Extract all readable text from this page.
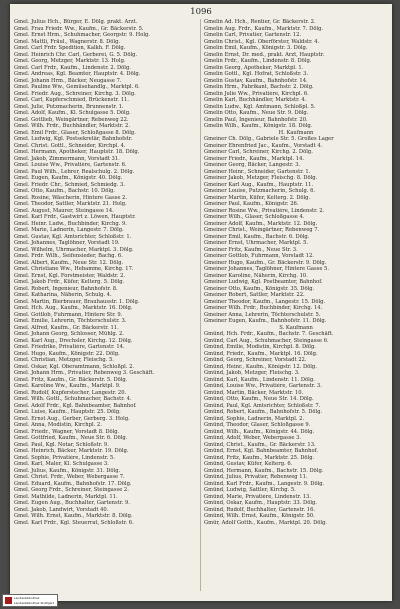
1096
Gmel. Julius Hch., Bürger, E. Dölg. prakt. Arzt.
Gmel. Frau Friedr. Ww., Kaufm., Gr. Bäckerstr. 5.
Gmel. Ernst Hrm., Schuhmacher, Georgstr. 9. Holg.
Gmel. Mattli, Fräul., Wagnerstr. 8. Dölg.
Gmel. Carl Frdr. Spedition, Kalkh. F. Dölg.
Gmel. Heinrich Chr. Carl, Gerberei, G. 5. Dölg.
Gmel. Georg, Metzger, Marktstr. 13. Holg.
Gmel. Carl Frdr., Kaufm., Lindenstr. 2. Dölg.
Gmel. Andreas, Kgl. Beamter, Hauptstr. 4. Dölg.
Gmel. Johann Hrm., Bäcker, Neugasse 7.
Gmel. Pauline Ww., Gemüsehandlg., Marktpl. 6.
Gmel. Friedr. Aug., Schreiner, Kirchg. 3. Dölg.
Gmel. Carl, Kupferschmied, Brückenstr. 11.
Gmel. Julie, Putzmacherin, Brunnenstr. 1.
Gmel. Adolf, Kaufm., Kl. Schulgasse 5. Dölg.
Gmel. Gottlieb, Weingärtner, Rebenweg 22.
Gmel. Wilh. Frdr., Buchhändler, Marktstr. 2.
Gmel. Emil Frdr., Glaser, Schloßgasse 8. Dölg.
Gmel. Ludwig, Kgl. Postsekretär, Bahnhofstr.
Gmel. Christ. Gottl., Schneider, Kirchpl. 4.
Gmel. Hermann, Apotheker, Hauptstr. 18. Dölg.
Gmel. Jakob, Zimmermann, Vorstadt 31.
Gmel. Louise Ww., Privatière, Gartenstr. 6.
Gmel. Paul Wilh., Lehrer, Realschulg. 2. Dölg.
Gmel. Eugen, Kaufm., Königstr. 40. Dölg.
Gmel. Friedr. Chr., Schmied, Schmiedg. 3.
Gmel. Otto, Kaufm., Bachstr. 10. Dölg.
Gmel. Rosine, Wäscherin, Hintere Gasse 2.
Gmel. Theodor, Sattler, Marktstr. 21. Holg.
Gmel. August, Maurer, Steingasse 14.
Gmel. Karl Frdr., Gastwirt z. Löwen, Hauptstr.
Gmel. Heinr. Ludw., Buchbinder, Kirchg. 9.
Gmel. Marie, Ladnerin, Langestr. 7. Dölg.
Gmel. Gustav, Kgl. Amtsrichter, Schloßstr. 1.
Gmel. Johannes, Taglöhner, Vorstadt 19.
Gmel. Wilhelm, Uhrmacher, Marktpl. 3. Dölg.
Gmel. Frdr. Wilh., Seifensieder, Bachg. 6.
Gmel. Albert, Kaufm., Neue Str. 12. Dölg.
Gmel. Christiane Ww., Hebamme, Kirchg. 17.
Gmel. Ernst, Kgl. Forstmeister, Waldstr. 2.
Gmel. Jakob Frdr., Küfer, Kelterg. 5. Dölg.
Gmel. Robert, Ingenieur, Bahnhofstr. 8.
Gmel. Katharina, Näherin, Schulg. 4.
Gmel. Martin, Bierbrauer, Brauhausstr. 1. Dölg.
Gmel. Hch. Aug., Kaufm., Marktstr. 16. Dölg.
Gmel. Gottlob, Fuhrmann, Hintere Str. 9.
Gmel. Emilie, Lehrerin, Töchterschulstr. 3.
Gmel. Alfred, Kaufm., Gr. Bäckerstr. 11.
Gmel. Johann Georg, Schlosser, Mühlg. 2.
Gmel. Karl Aug., Drechsler, Kirchg. 12. Dölg.
Gmel. Friedrike, Privatière, Gartenstr. 14.
Gmel. Hugo, Kaufm., Königstr. 22. Dölg.
Gmel. Christian, Metzger, Fleischg. 5.
Gmel. Oskar, Kgl. Oberamtmann, Schloßpl. 2.
Gmel. Johann Hrm., Privatier, Rebenweg 3. Geschäft.
Gmel. Fritz, Kaufm., Gr. Bäckerstr. 5. Dölg.
Gmel. Karoline Ww., Kaufm., Marktpl. 9.
Gmel. Rudolf, Kupferstecher, Langestr. 20.
Gmel. Wilh. Gottl., Schuhmacher, Bachstr. 4.
Gmel. Adolf Frdr., Kgl. Bahnbeamter, Bahnhof.
Gmel. Luise, Kaufm., Hauptstr. 25. Dölg.
Gmel. Ernst Aug., Gerber, Gerberg. 3. Holg.
Gmel. Anna, Modistin, Kirchpl. 2.
Gmel. Friedr., Wagner, Vorstadt 8. Dölg.
Gmel. Gottfried, Kaufm., Neue Str. 6. Dölg.
Gmel. Paul, Kgl. Notar, Schloßstr. 9.
Gmel. Heinrich, Bäcker, Marktstr. 19. Dölg.
Gmel. Sophie, Privatière, Lindenstr. 5.
Gmel. Karl, Maler, Kl. Schulgasse 3.
Gmel. Julius, Kaufm., Königstr. 31. Dölg.
Gmel. Christ. Frdr., Weber, Webergasse 7.
Gmel. Eduard, Kaufm., Bahnhofstr. 17. Dölg.
Gmel. Georg Frdr., Schreiner, Steingasse 2.
Gmel. Mathilde, Ladnerin, Marktpl. 11.
Gmel. Eugen Aug., Buchhalter, Gartenstr. 9.
Gmel. Jakob, Landwirt, Vorstadt 40.
Gmel. Wilh. Ernst, Kaufm., Marktstr. 8. Dölg.
Gmel. Karl Frdr., Kgl. Steuerrat, Schloßstr. 6.
Gmelin Ad. Hch., Rentier, Gr. Bäckerstr. 2.
Gmelin Aug. Frdr., Kaufm., Marktstr. 7. Dölg.
Gmelin Carl, Privatier, Gartenstr. 12.
Gmelin Christ., Kgl. Oberförster, Waldstr. 4.
Gmelin Emil, Kaufm., Königstr. 3. Dölg.
Gmelin Ernst, Dr. med., prakt. Arzt, Hauptstr.
Gmelin Frdr., Kaufm., Lindenstr. 8. Dölg.
Gmelin Georg, Apotheker, Marktpl. 1.
Gmelin Gottl., Kgl. Hofrat, Schloßstr. 3.
Gmelin Gustav, Kaufm., Bahnhofstr. 14.
Gmelin Hrm., Fabrikant, Bachstr. 2. Dölg.
Gmelin Julie Ww., Privatière, Kirchpl. 6.
Gmelin Karl, Buchhändler, Marktstr. 4.
Gmelin Ludw., Kgl. Amtmann, Schloßpl. 5.
Gmelin Otto, Kaufm., Neue Str. 9. Dölg.
Gmelin Paul, Ingenieur, Bahnhofstr. 20.
Gmelin Wilh., Kaufm., Königstr. 18. Dölg.
H. Kaufmann
Gmeiner Ch. Dölg., Gabriele Str. 5. Großes Lager
Gmeiner Ehrenfried Jac., Kaufm., Vorstadt 4.
Gmeiner Carl, Schreiner, Kirchg. 2. Dölg.
Gmeiner Friedr., Kaufm., Marktpl. 14.
Gmeiner Georg, Bäcker, Langestr. 3.
Gmeiner Heinr., Schneider, Gartenstr. 1.
Gmeiner Jakob, Metzger, Fleischg. 8. Dölg.
Gmeiner Karl Aug., Kaufm., Hauptstr. 11.
Gmeiner Louise, Putzmacherin, Schulg. 6.
Gmeiner Martin, Küfer, Kelterg. 2. Dölg.
Gmeiner Paul, Kaufm., Königstr. 26.
Gmeiner Rosine Ww., Privatière, Lindenstr. 2.
Gmeiner Wilh., Glaser, Schloßgasse 4.
Gmeiner Adolf, Kaufm., Marktstr. 12. Dölg.
Gmeiner Christ., Weingärtner, Rebenweg 7.
Gmeiner Emil, Kaufm., Bachstr. 6. Dölg.
Gmeiner Ernst, Uhrmacher, Marktpl. 5.
Gmeiner Fritz, Kaufm., Neue Str. 3.
Gmeiner Gottlob, Fuhrmann, Vorstadt 12.
Gmeiner Hugo, Kaufm., Gr. Bäckerstr. 9. Dölg.
Gmeiner Johannes, Taglöhner, Hintere Gasse 5.
Gmeiner Karoline, Näherin, Kirchg. 10.
Gmeiner Ludwig, Kgl. Postbeamter, Bahnhof.
Gmeiner Otto, Kaufm., Königstr. 35. Dölg.
Gmeiner Robert, Sattler, Marktstr. 22.
Gmeiner Theodor, Kaufm., Langestr. 15. Dölg.
Gmeiner Wilh. Frdr., Buchbinder, Kirchg. 14.
Gmeiner Anna, Lehrerin, Töchterschulstr. 5.
Gmeiner Eugen, Kaufm., Bahnhofstr. 11. Dölg.
S. Kaufmann
Gmünd, Hch. Frdr., Kaufm., Bachstr. 7. Geschäft.
Gmünd, Carl Aug., Schuhmacher, Steingasse 6.
Gmünd, Emilie, Modistin, Kirchpl. 8. Dölg.
Gmünd, Friedr., Kaufm., Marktpl. 16. Dölg.
Gmünd, Georg, Schreiner, Vorstadt 22.
Gmünd, Heinr., Kaufm., Königstr. 12. Dölg.
Gmünd, Jakob, Metzger, Fleischg. 3.
Gmünd, Karl, Kaufm., Lindenstr. 11. Dölg.
Gmünd, Louise Ww., Privatière, Gartenstr. 3.
Gmünd, Martin, Bäcker, Marktstr. 10.
Gmünd, Otto, Kaufm., Neue Str. 14. Dölg.
Gmünd, Paul, Kgl. Amtsrichter, Schloßstr. 7.
Gmünd, Robert, Kaufm., Bahnhofstr. 5. Dölg.
Gmünd, Sophie, Ladnerin, Marktpl. 2.
Gmünd, Theodor, Glaser, Schloßgasse 9.
Gmünd, Wilh., Kaufm., Königstr. 44. Dölg.
Gmünd, Adolf, Weber, Webergasse 3.
Gmünd, Christ., Kaufm., Gr. Bäckerstr. 13.
Gmünd, Ernst, Kgl. Bahnbeamter, Bahnhof.
Gmünd, Fritz, Kaufm., Marktstr. 25. Dölg.
Gmünd, Gustav, Küfer, Kelterg. 6.
Gmünd, Hermann, Kaufm., Bachstr. 15. Dölg.
Gmünd, Julius, Privatier, Rebenweg 11.
Gmünd, Karl Frdr., Kaufm., Langestr. 9. Dölg.
Gmünd, Ludwig, Sattler, Kirchg. 5.
Gmünd, Marie, Privatière, Lindenstr. 13.
Gmünd, Oskar, Kaufm., Hauptstr. 33. Dölg.
Gmünd, Rudolf, Buchhalter, Gartenstr. 16.
Gmünd, Wilh. Ernst, Kaufm., Königstr. 50.
Gmür, Adolf Gotth., Kaufm., Marktpl. 20. Dölg.
Landesbibliothek
Landesbibliothek Stuttgart
